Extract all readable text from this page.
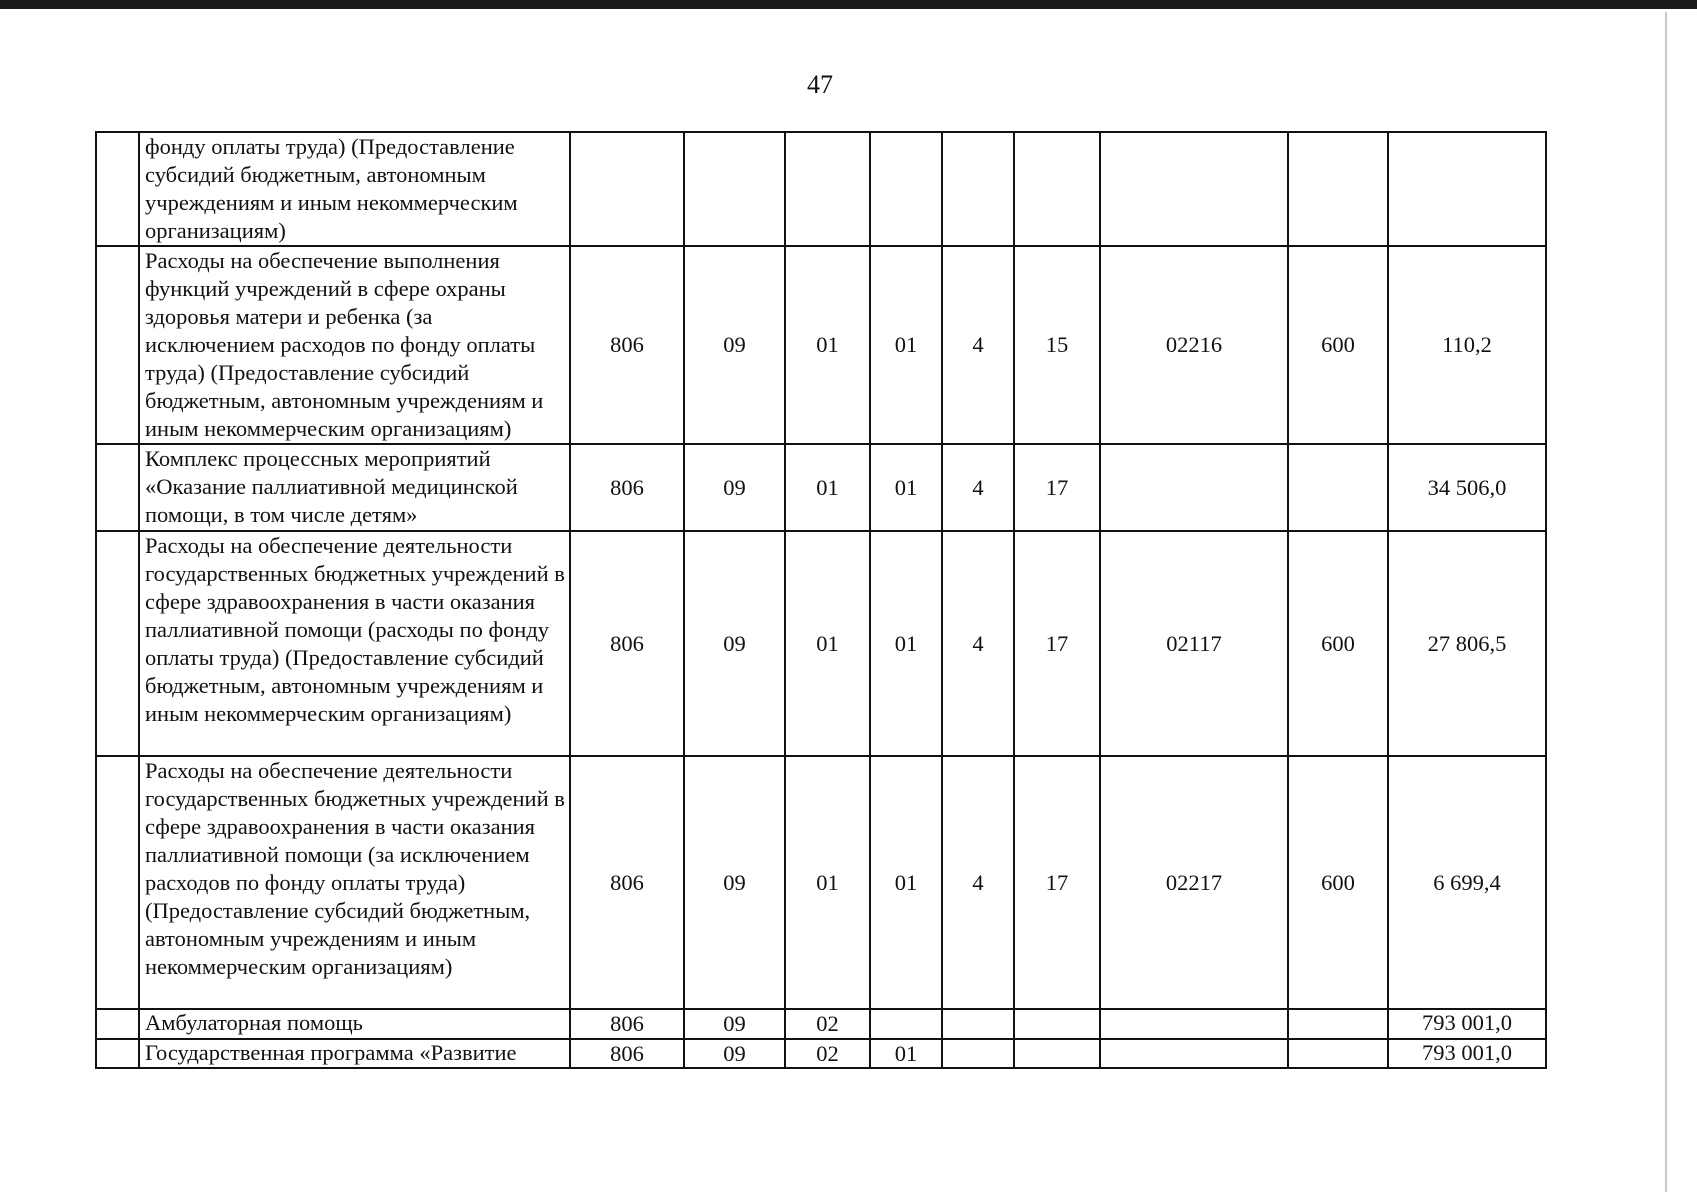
47
	фонду оплаты труда) (Предоставление субсидий бюджетным, автономным учреждениям и иным некоммерческим организациям)									
	Расходы на обеспечение выполнения функций учреждений в сфере охраны здоровья матери и ребенка (за исключением расходов по фонду оплаты труда) (Предоставление субсидий бюджетным, автономным учреждениям и иным некоммерческим организациям)	806	09	01	01	4	15	02216	600	110,2
	Комплекс процессных мероприятий «Оказание паллиативной медицинской помощи, в том числе детям»	806	09	01	01	4	17			34 506,0
	Расходы на обеспечение деятельности государственных бюджетных учреждений в сфере здравоохранения в части оказания паллиативной помощи (расходы по фонду оплаты труда) (Предоставление субсидий бюджетным, автономным учреждениям и иным некоммерческим организациям)	806	09	01	01	4	17	02117	600	27 806,5
	Расходы на обеспечение деятельности государственных бюджетных учреждений в сфере здравоохранения в части оказания паллиативной помощи (за исключением расходов по фонду оплаты труда) (Предоставление субсидий бюджетным, автономным учреждениям и иным некоммерческим организациям)	806	09	01	01	4	17	02217	600	6 699,4
	Амбулаторная помощь	806	09	02						793 001,0
	Государственная программа «Развитие	806	09	02	01					793 001,0
